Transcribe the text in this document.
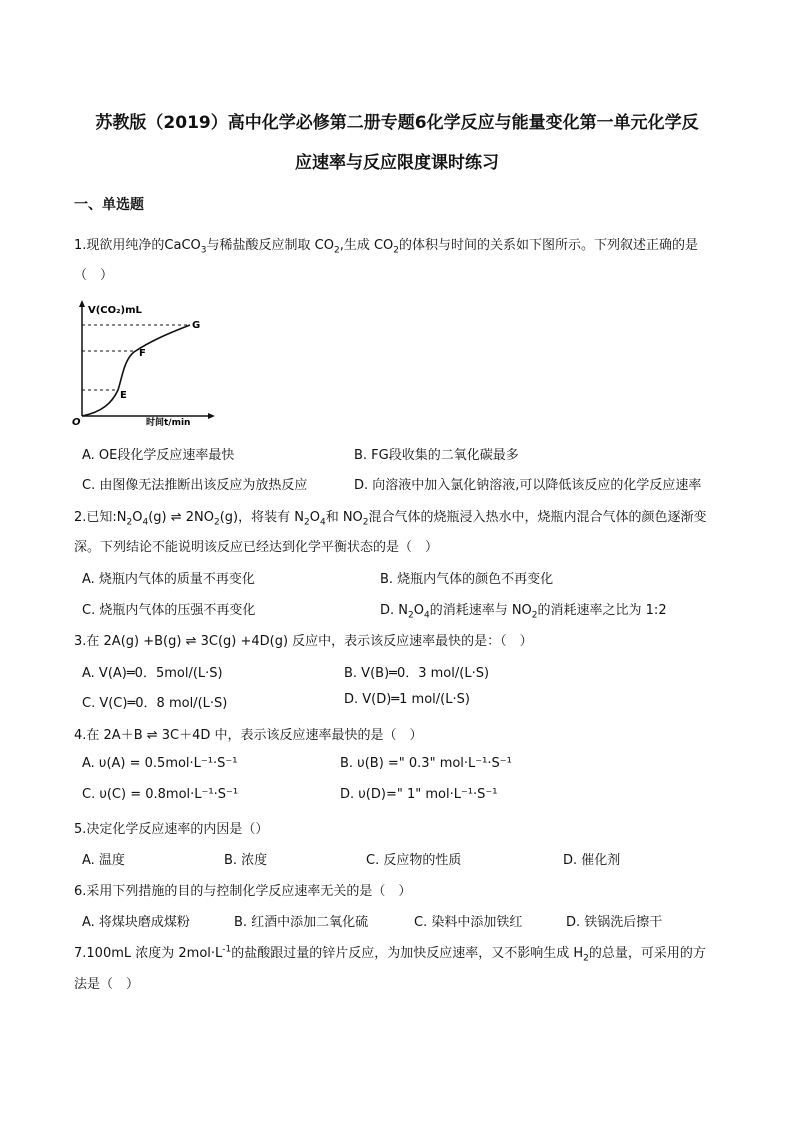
苏教版（2019）高中化学必修第二册专题6化学反应与能量变化第一单元化学反
应速率与反应限度课时练习
一、单选题
1.现欲用纯净的CaCO$_3$与稀盐酸反应制取 $CO_2$,生成 $CO_2$的体积与时间的关系如下图所示。下列叙述正确的是
（　）
V(CO₂)mL
时间t/min
O
E
F
G
A. OE段化学反应速率最快	B. FG段收集的二氧化碳最多
C. 由图像无法推断出该反应为放热反应	D. 向溶液中加入氯化钠溶液,可以降低该反应的化学反应速率
2.已知$:N_2O_4(g)$ ⇌ $2NO_2(g)$，将装有 $N_2O_4$和 $NO_2$混合气体的烧瓶浸入热水中，烧瓶内混合气体的颜色逐渐变
深。下列结论不能说明该反应已经达到化学平衡状态的是（　）
A. 烧瓶内气体的质量不再变化	B. 烧瓶内气体的颜色不再变化
C. 烧瓶内气体的压强不再变化	D. $N_2O_4$的消耗速率与 $NO_2$的消耗速率之比为 1:2
3.在 2A(g) +B(g) ⇌ 3C(g) +4D(g) 反应中，表示该反应速率最快的是：（　）
A. V(A)═0．5mol/(L·S)	B. V(B)═0．3 mol/(L·S)
C. V(C)═0．8 mol/(L·S)	D. V(D)═1 mol/(L·S)
4.在 2A＋B ⇌ 3C＋4D 中，表示该反应速率最快的是（　）
A. υ(A) = 0.5mol·L⁻¹·S⁻¹	B. υ(B) =" 0.3" mol·L⁻¹·S⁻¹
C. υ(C) = 0.8mol·L⁻¹·S⁻¹	D. υ(D)=" 1" mol·L⁻¹·S⁻¹
5.决定化学反应速率的内因是（）
A. 温度	B. 浓度	C. 反应物的性质	D. 催化剂
6.采用下列措施的目的与控制化学反应速率无关的是（　）
A. 将煤块磨成煤粉	B. 红酒中添加二氧化硫	C. 染料中添加铁红	D. 铁锅洗后擦干
7.100mL 浓度为 $2mol\cdot L^{-1}$的盐酸跟过量的锌片反应，为加快反应速率，又不影响生成 $H_2$的总量，可采用的方
法是（　）
